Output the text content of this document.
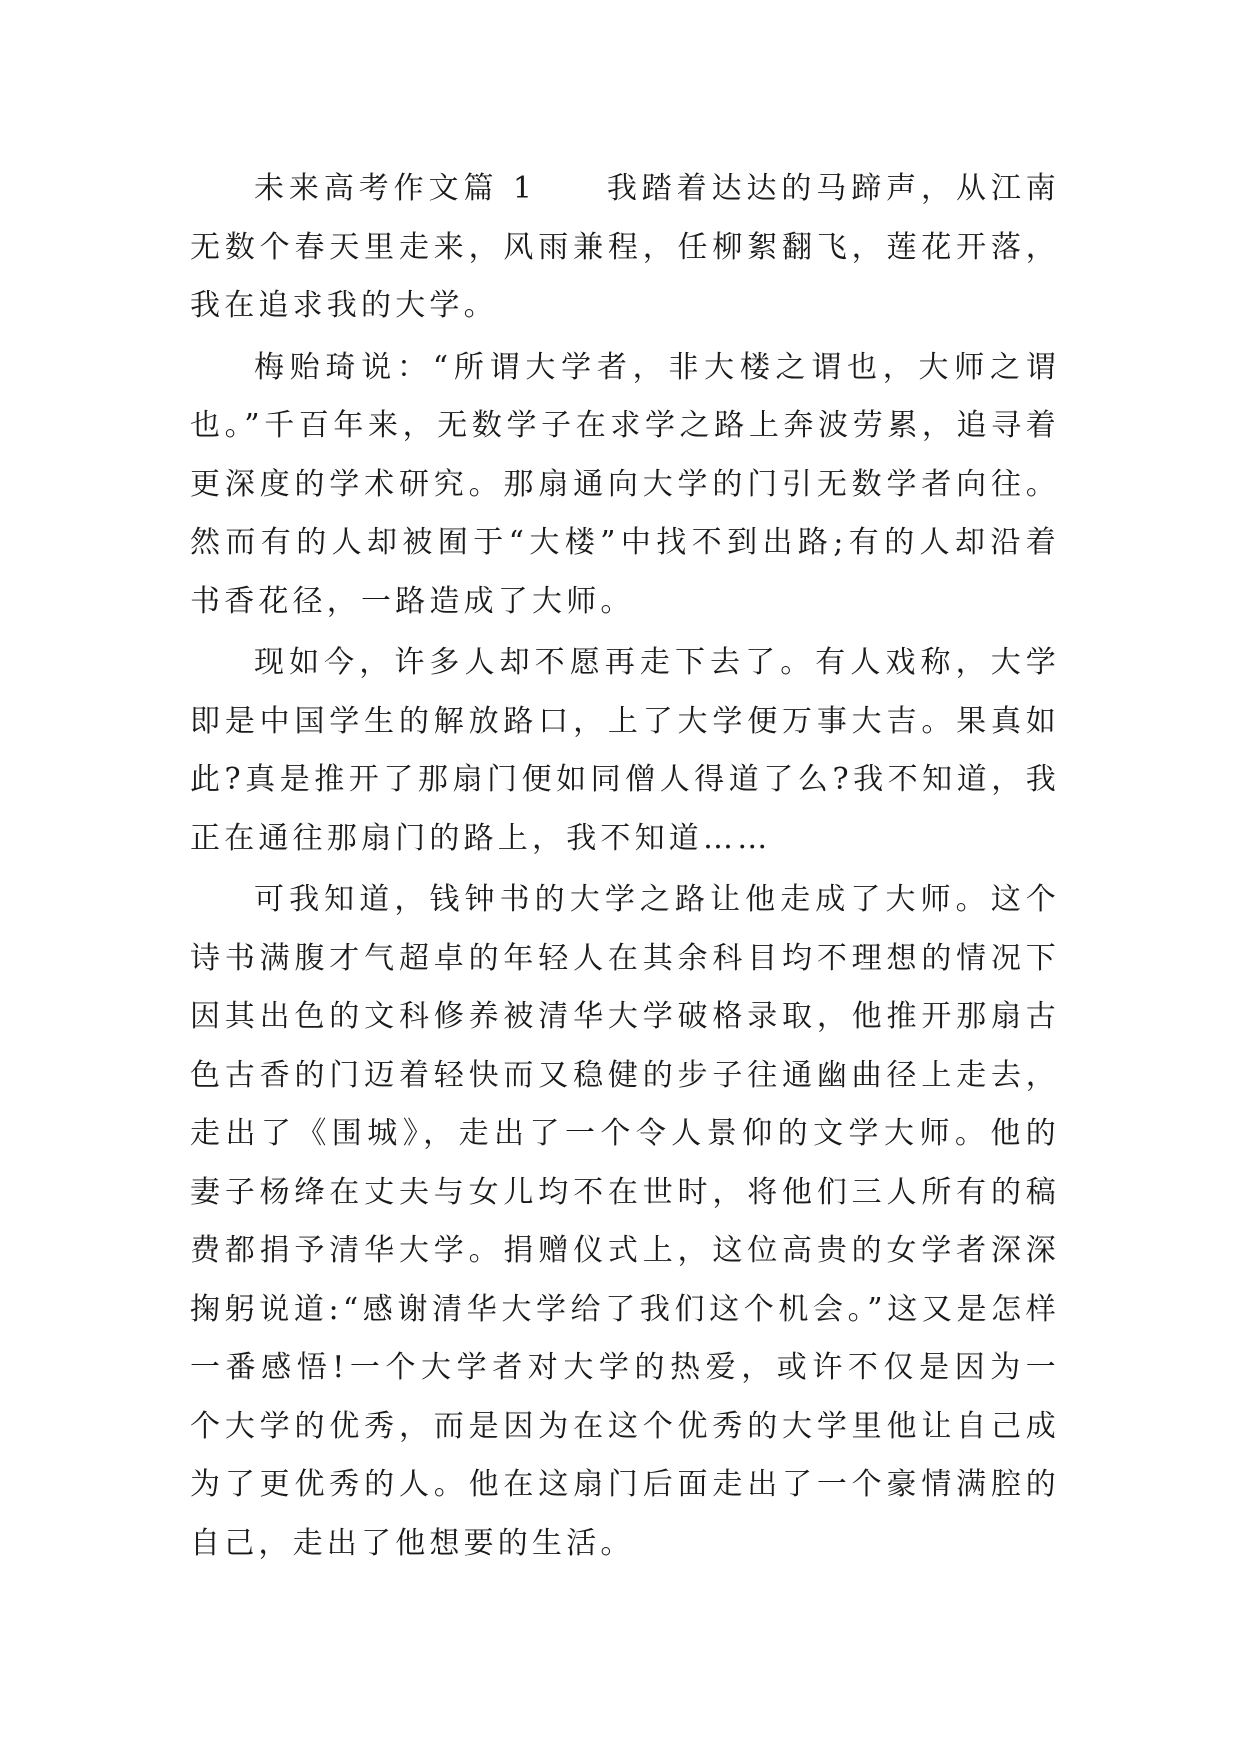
未来高考作文篇 1 我踏着达达的马蹄声，从江南无数个春天里走来，风雨兼程，任柳絮翻飞，莲花开落，我在追求我的大学。

梅贻琦说：“所谓大学者，非大楼之谓也，大师之谓也。”千百年来，无数学子在求学之路上奔波劳累，追寻着更深度的学术研究。那扇通向大学的门引无数学者向往。然而有的人却被囿于“大楼”中找不到出路;有的人却沿着书香花径，一路造成了大师。

现如今，许多人却不愿再走下去了。有人戏称，大学即是中国学生的解放路口，上了大学便万事大吉。果真如此?真是推开了那扇门便如同僧人得道了么?我不知道，我正在通往那扇门的路上，我不知道……

可我知道，钱钟书的大学之路让他走成了大师。这个诗书满腹才气超卓的年轻人在其余科目均不理想的情况下因其出色的文科修养被清华大学破格录取，他推开那扇古色古香的门迈着轻快而又稳健的步子往通幽曲径上走去，走出了《围城》，走出了一个令人景仰的文学大师。他的妻子杨绛在丈夫与女儿均不在世时，将他们三人所有的稿费都捐予清华大学。捐赠仪式上，这位高贵的女学者深深掬躬说道:“感谢清华大学给了我们这个机会。”这又是怎样一番感悟!一个大学者对大学的热爱，或许不仅是因为一个大学的优秀，而是因为在这个优秀的大学里他让自己成为了更优秀的人。他在这扇门后面走出了一个豪情满腔的自己，走出了他想要的生活。
